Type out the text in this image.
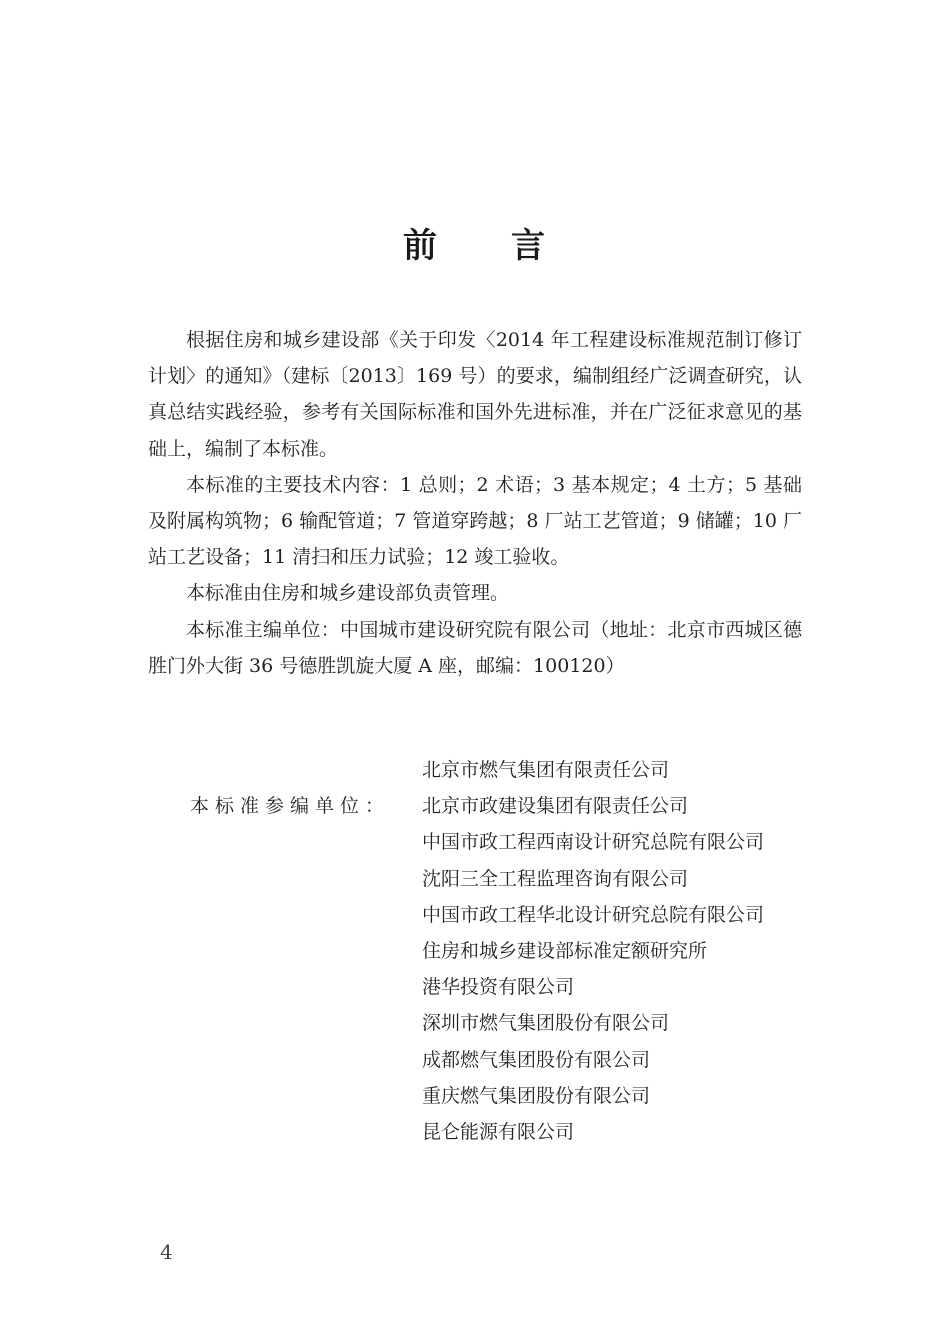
前 言

根据住房和城乡建设部《关于印发〈2014 年工程建设标准规范制订修订计划〉的通知》（建标〔2013〕169 号）的要求，编制组经广泛调查研究，认真总结实践经验，参考有关国际标准和国外先进标准，并在广泛征求意见的基础上，编制了本标准。

本标准的主要技术内容：1 总则；2 术语；3 基本规定；4 土方；5 基础及附属构筑物；6 输配管道；7 管道穿跨越；8 厂站工艺管道；9 储罐；10 厂站工艺设备；11 清扫和压力试验；12 竣工验收。

本标准由住房和城乡建设部负责管理。

本标准主编单位：中国城市建设研究院有限公司（地址：北京市西城区德胜门外大街 36 号德胜凯旋大厦 A 座，邮编：100120）

北京市燃气集团有限责任公司
本标准参编单位：	北京市政建设集团有限责任公司
中国市政工程西南设计研究总院有限公司
沈阳三全工程监理咨询有限公司
中国市政工程华北设计研究总院有限公司
住房和城乡建设部标准定额研究所
港华投资有限公司
深圳市燃气集团股份有限公司
成都燃气集团股份有限公司
重庆燃气集团股份有限公司
昆仑能源有限公司
4
